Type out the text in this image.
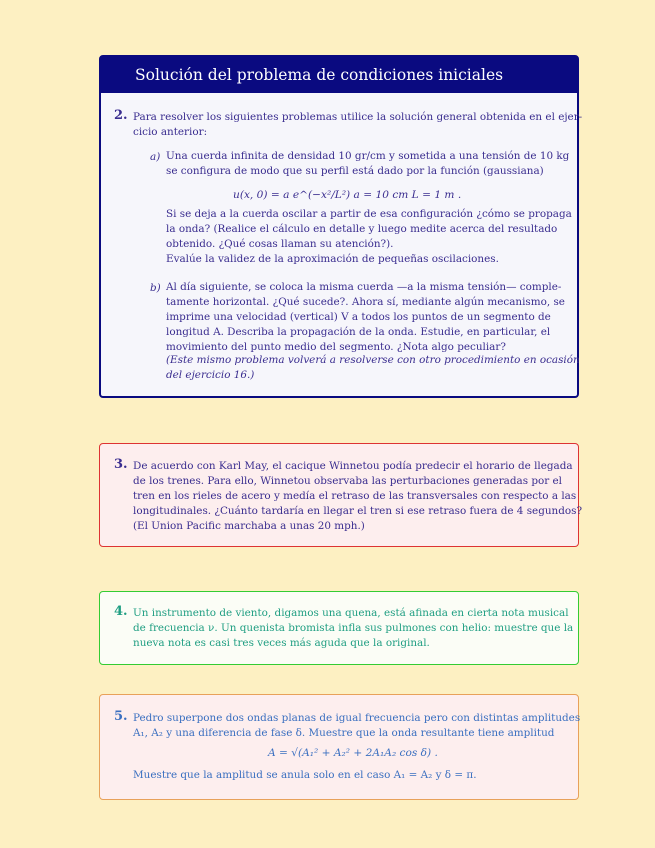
Solución del problema de condiciones iniciales
2. Para resolver los siguientes problemas utilice la solución general obtenida en el ejer-
cicio anterior:
a) Una cuerda infinita de densidad 10 gr/cm y sometida a una tensión de 10 kg
se configura de modo que su perfil está dado por la función (gaussiana)
u(x, 0) = a e^(−x²/L²) a = 10 cm L = 1 m .
Si se deja a la cuerda oscilar a partir de esa configuración ¿cómo se propaga
la onda? (Realice el cálculo en detalle y luego medite acerca del resultado
obtenido. ¿Qué cosas llaman su atención?).
Evalúe la validez de la aproximación de pequeñas oscilaciones.
b) Al día siguiente, se coloca la misma cuerda —a la misma tensión— comple-
tamente horizontal. ¿Qué sucede?. Ahora sí, mediante algún mecanismo, se
imprime una velocidad (vertical) V a todos los puntos de un segmento de
longitud A. Describa la propagación de la onda. Estudie, en particular, el
movimiento del punto medio del segmento. ¿Nota algo peculiar?
(Este mismo problema volverá a resolverse con otro procedimiento en ocasión
del ejercicio 16.)
3. De acuerdo con Karl May, el cacique Winnetou podía predecir el horario de llegada
de los trenes. Para ello, Winnetou observaba las perturbaciones generadas por el
tren en los rieles de acero y medía el retraso de las transversales con respecto a las
longitudinales. ¿Cuánto tardaría en llegar el tren si ese retraso fuera de 4 segundos?
(El Union Pacific marchaba a unas 20 mph.)
4. Un instrumento de viento, digamos una quena, está afinada en cierta nota musical
de frecuencia ν. Un quenista bromista infla sus pulmones con helio: muestre que la
nueva nota es casi tres veces más aguda que la original.
5. Pedro superpone dos ondas planas de igual frecuencia pero con distintas amplitudes
A₁, A₂ y una diferencia de fase δ. Muestre que la onda resultante tiene amplitud
A = √(A₁² + A₂² + 2A₁A₂ cos δ) .
Muestre que la amplitud se anula solo en el caso A₁ = A₂ y δ = π.
